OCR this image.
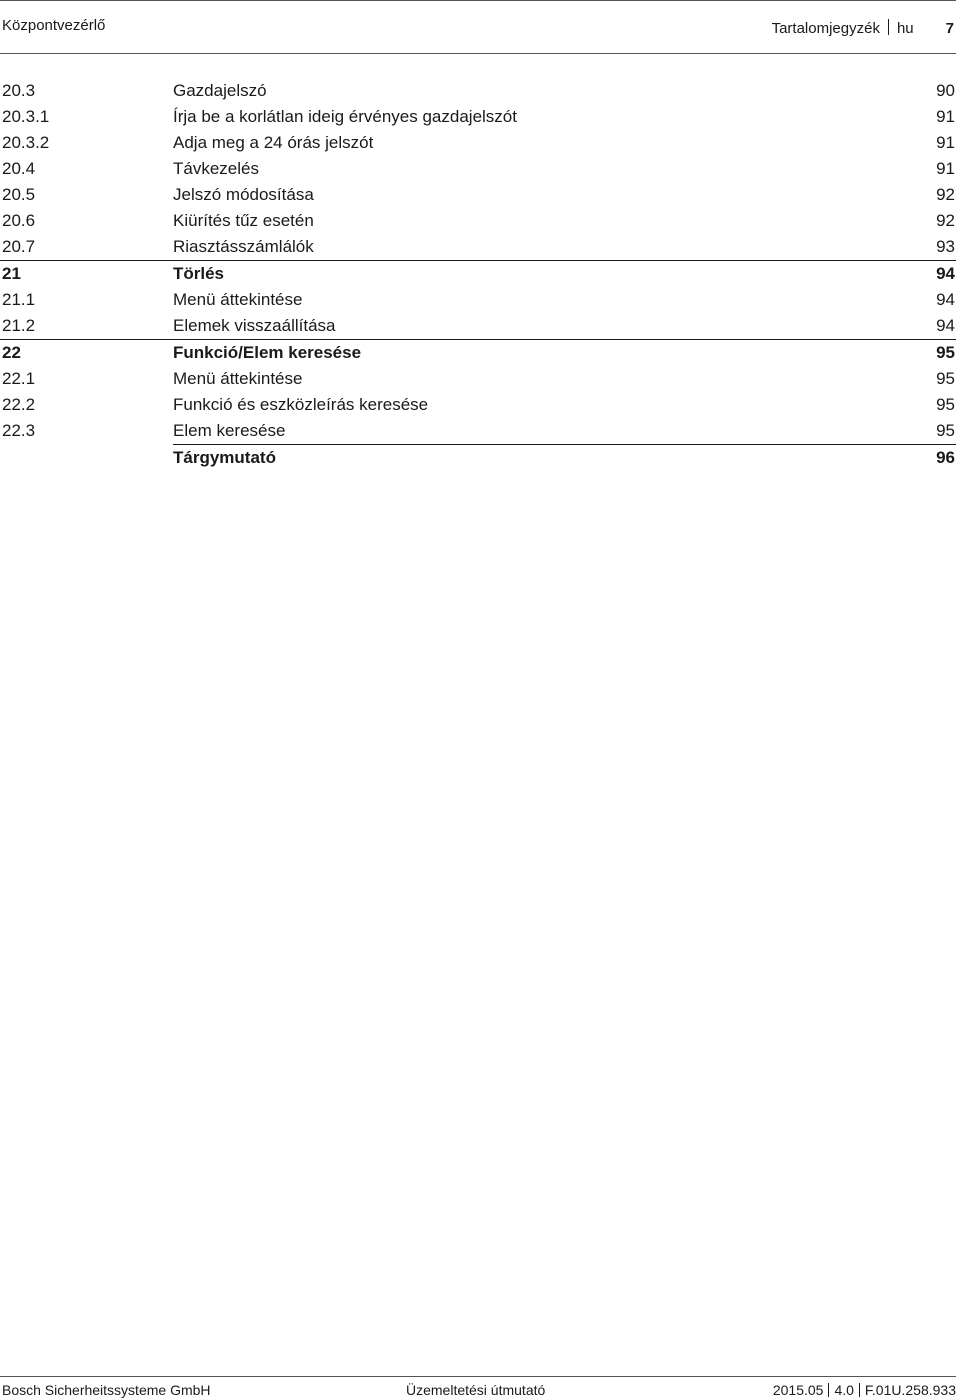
Központvezérlő	Tartalomjegyzék hu 7
20.3	Gazdajelszó	90
20.3.1	Írja be a korlátlan ideig érvényes gazdajelszót	91
20.3.2	Adja meg a 24 órás jelszót	91
20.4	Távkezelés	91
20.5	Jelszó módosítása	92
20.6	Kiürítés tűz esetén	92
20.7	Riasztásszámlálók	93
21	Törlés	94
21.1	Menü áttekintése	94
21.2	Elemek visszaállítása	94
22	Funkció/Elem keresése	95
22.1	Menü áttekintése	95
22.2	Funkció és eszközleírás keresése	95
22.3	Elem keresése	95
Tárgymutató	96
Bosch Sicherheitssysteme GmbH	Üzemeltetési útmutató	2015.05 4.0 F.01U.258.933
